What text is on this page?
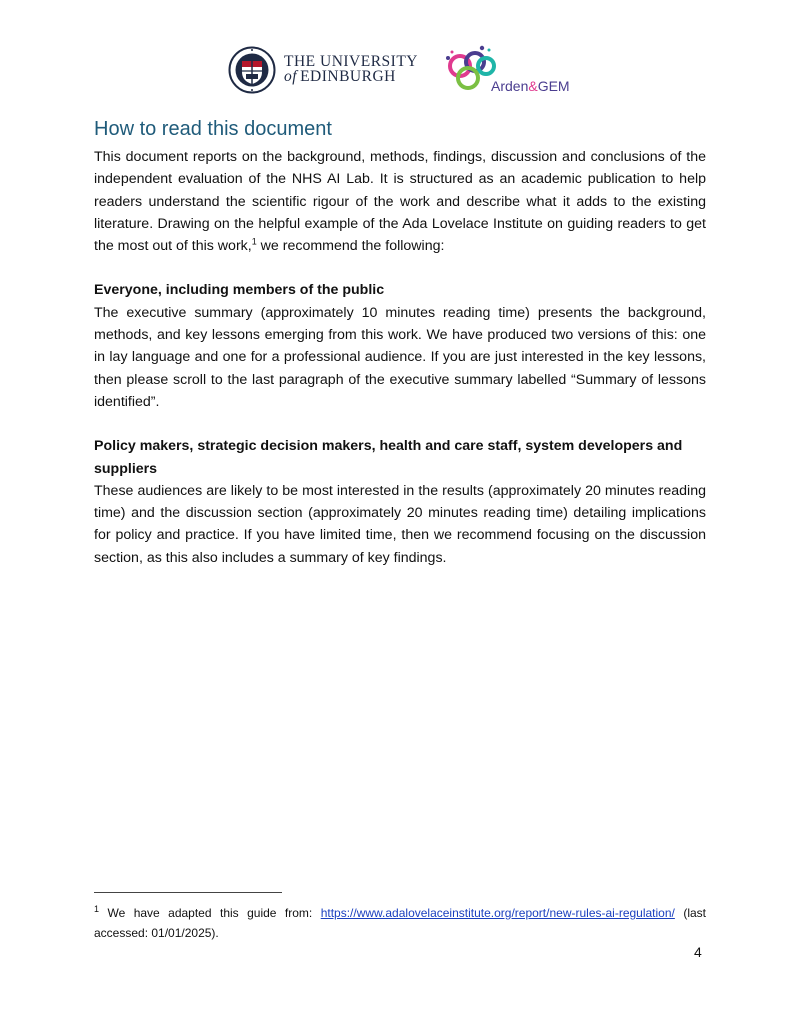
THE UNIVERSITY
of EDINBURGH
Arden&GEM
How to read this document

This document reports on the background, methods, findings, discussion and conclusions of the independent evaluation of the NHS AI Lab. It is structured as an academic publication to help readers understand the scientific rigour of the work and describe what it adds to the existing literature. Drawing on the helpful example of the Ada Lovelace Institute on guiding readers to get the most out of this work,$^1$ we recommend the following:

Everyone, including members of the public

The executive summary (approximately 10 minutes reading time) presents the background, methods, and key lessons emerging from this work. We have produced two versions of this: one in lay language and one for a professional audience. If you are just interested in the key lessons, then please scroll to the last paragraph of the executive summary labelled “Summary of lessons identified”.

Policy makers, strategic decision makers, health and care staff, system developers and suppliers

These audiences are likely to be most interested in the results (approximately 20 minutes reading time) and the discussion section (approximately 20 minutes reading time) detailing implications for policy and practice. If you have limited time, then we recommend focusing on the discussion section, as this also includes a summary of key findings.

$^1$ We have adapted this guide from: https://www.adalovelaceinstitute.org/report/new-rules-ai-regulation/ (last accessed: 01/01/2025).
4
